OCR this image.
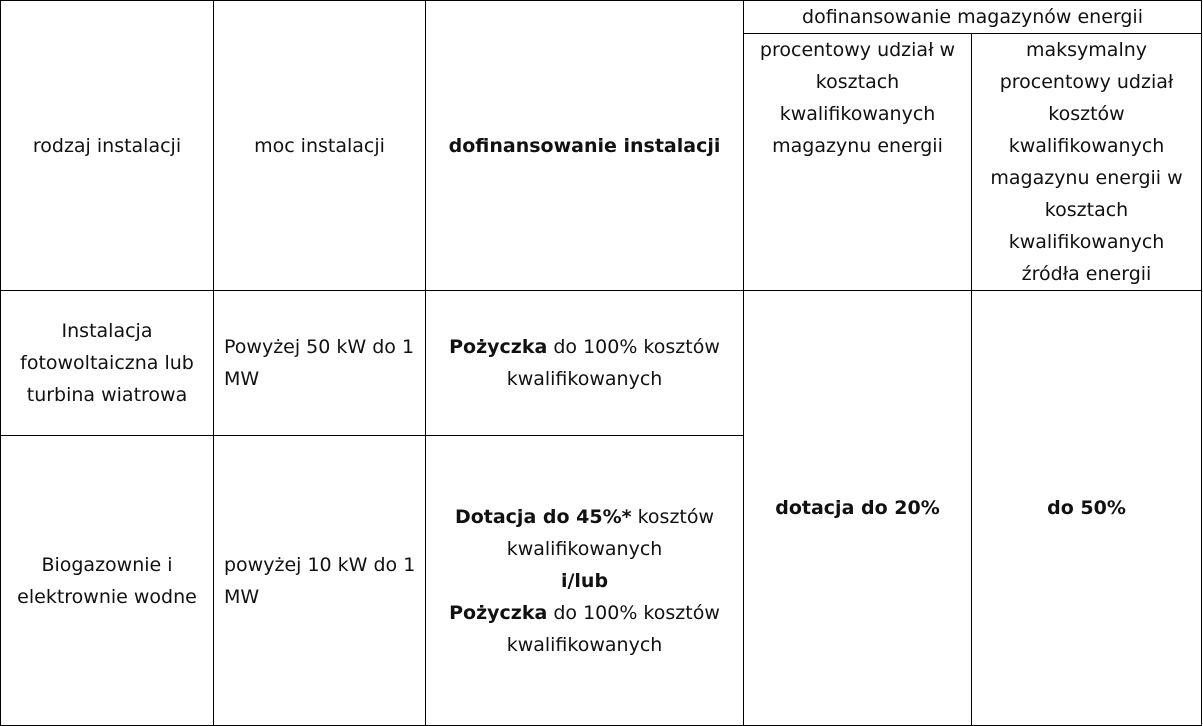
rodzaj instalacji	moc instalacji	dofinansowanie instalacji	dofinansowanie magazynów energii	
			procentowy udział w kosztach kwalifikowanych magazynu energii	maksymalny procentowy udział kosztów kwalifikowanych magazynu energii w kosztach kwalifikowanych źródła energii
Instalacja fotowoltaiczna lub turbina wiatrowa	Powyżej 50 kW do 1 MW	Pożyczka do 100% kosztów kwalifikowanych	dotacja do 20%	do 50%
Biogazownie i elektrownie wodne	powyżej 10 kW do 1 MW	Dotacja do 45%* kosztów kwalifikowanych
i/lub
Pożyczka do 100% kosztów kwalifikowanych		
